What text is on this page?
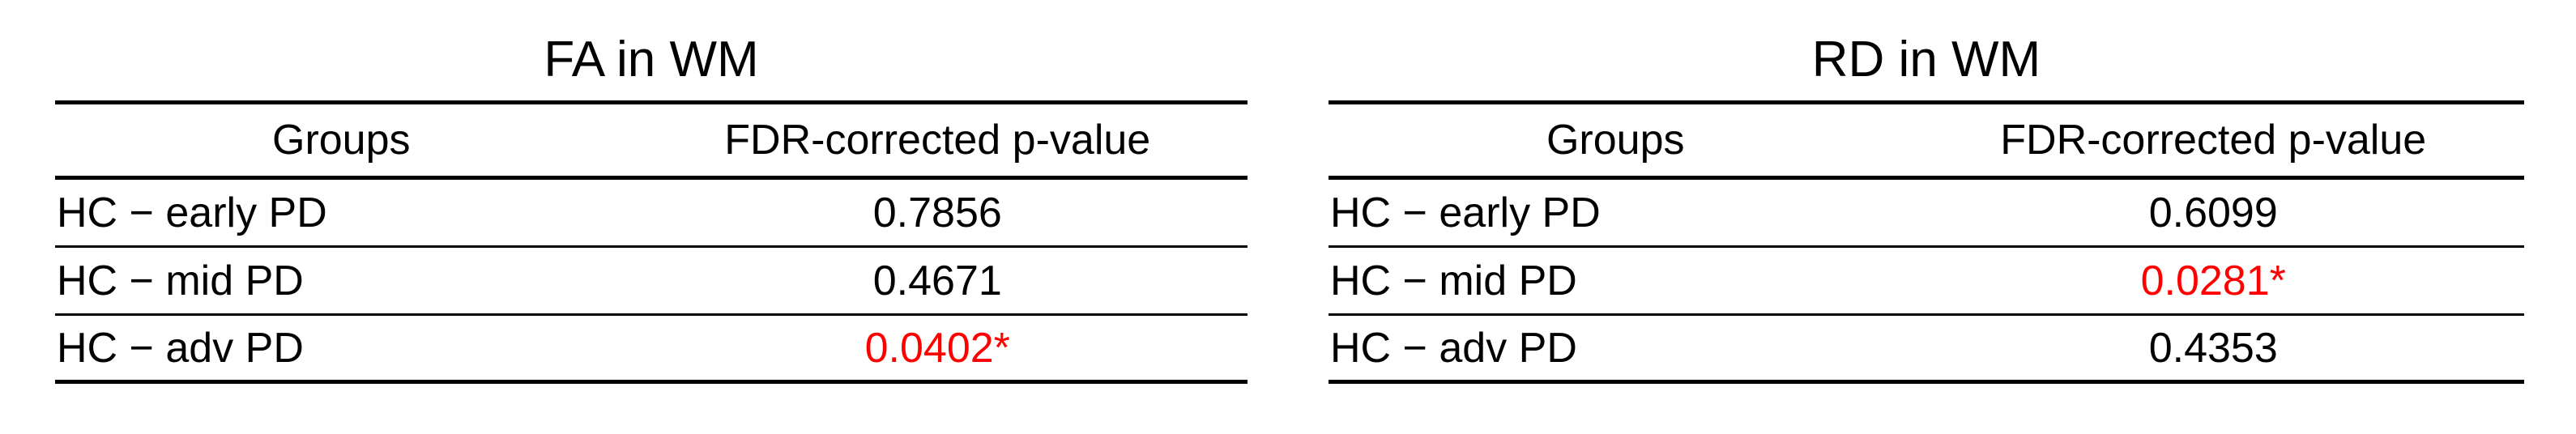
FA in WM
Groups	FDR-corrected p-value
HC − early PD	0.7856
HC − mid PD	0.4671
HC − adv PD	0.0402*
RD in WM
Groups	FDR-corrected p-value
HC − early PD	0.6099
HC − mid PD	0.0281*
HC − adv PD	0.4353
